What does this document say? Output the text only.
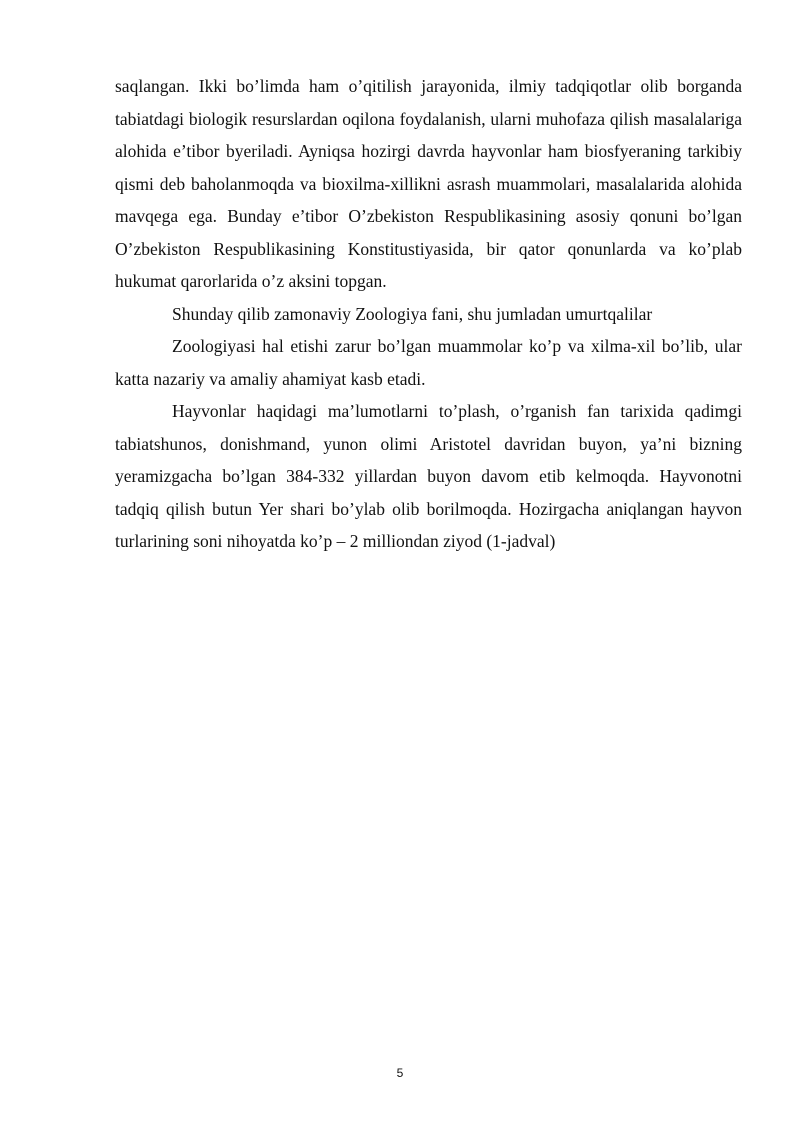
saqlangan. Ikki bo’limda ham o’qitilish jarayonida, ilmiy tadqiqotlar olib borganda tabiatdagi biologik resurslardan oqilona foydalanish, ularni muhofaza qilish masalalariga alohida e’tibor byeriladi. Ayniqsa hozirgi davrda hayvonlar ham biosfyeraning tarkibiy qismi deb baholanmoqda va bioxilma-xillikni asrash muammolari, masalalarida alohida mavqega ega. Bunday e’tibor O’zbekiston Respublikasining asosiy qonuni bo’lgan O’zbekiston Respublikasining Konstitustiyasida, bir qator qonunlarda va ko’plab hukumat qarorlarida o’z aksini topgan.

Shunday qilib zamonaviy Zoologiya fani, shu jumladan umurtqalilar

Zoologiyasi hal etishi zarur bo’lgan muammolar ko’p va xilma-xil bo’lib, ular katta nazariy va amaliy ahamiyat kasb etadi.

Hayvonlar haqidagi ma’lumotlarni to’plash, o’rganish fan tarixida qadimgi tabiatshunos, donishmand, yunon olimi Aristotel davridan buyon, ya’ni bizning yeramizgacha bo’lgan 384-332 yillardan buyon davom etib kelmoqda. Hayvonotni tadqiq qilish butun Yer shari bo’ylab olib borilmoqda. Hozirgacha aniqlangan hayvon turlarining soni nihoyatda ko’p – 2 milliondan ziyod (1-jadval)

5
